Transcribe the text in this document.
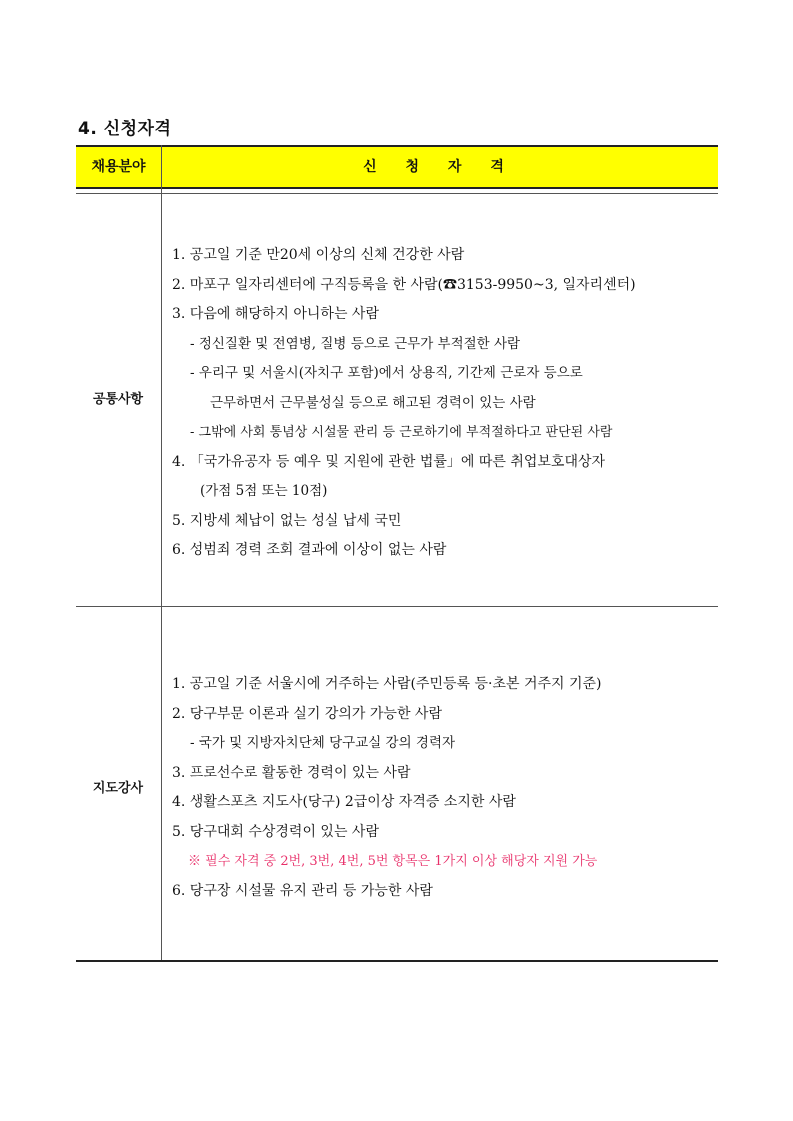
4. 신청자격
채용분야	신 청 자 격
공통사항
1. 공고일 기준 만20세 이상의 신체 건강한 사람
2. 마포구 일자리센터에 구직등록을 한 사람(☎3153-9950~3, 일자리센터)
3. 다음에 해당하지 아니하는 사람
- 정신질환 및 전염병, 질병 등으로 근무가 부적절한 사람
- 우리구 및 서울시(자치구 포함)에서 상용직, 기간제 근로자 등으로
근무하면서 근무불성실 등으로 해고된 경력이 있는 사람
- 그밖에 사회 통념상 시설물 관리 등 근로하기에 부적절하다고 판단된 사람
4. 「국가유공자 등 예우 및 지원에 관한 법률」에 따른 취업보호대상자
(가점 5점 또는 10점)
5. 지방세 체납이 없는 성실 납세 국민
6. 성범죄 경력 조회 결과에 이상이 없는 사람
지도강사
1. 공고일 기준 서울시에 거주하는 사람(주민등록 등·초본 거주지 기준)
2. 당구부문 이론과 실기 강의가 가능한 사람
- 국가 및 지방자치단체 당구교실 강의 경력자
3. 프로선수로 활동한 경력이 있는 사람
4. 생활스포츠 지도사(당구) 2급이상 자격증 소지한 사람
5. 당구대회 수상경력이 있는 사람
※ 필수 자격 중 2번, 3번, 4번, 5번 항목은 1가지 이상 해당자 지원 가능
6. 당구장 시설물 유지 관리 등 가능한 사람
